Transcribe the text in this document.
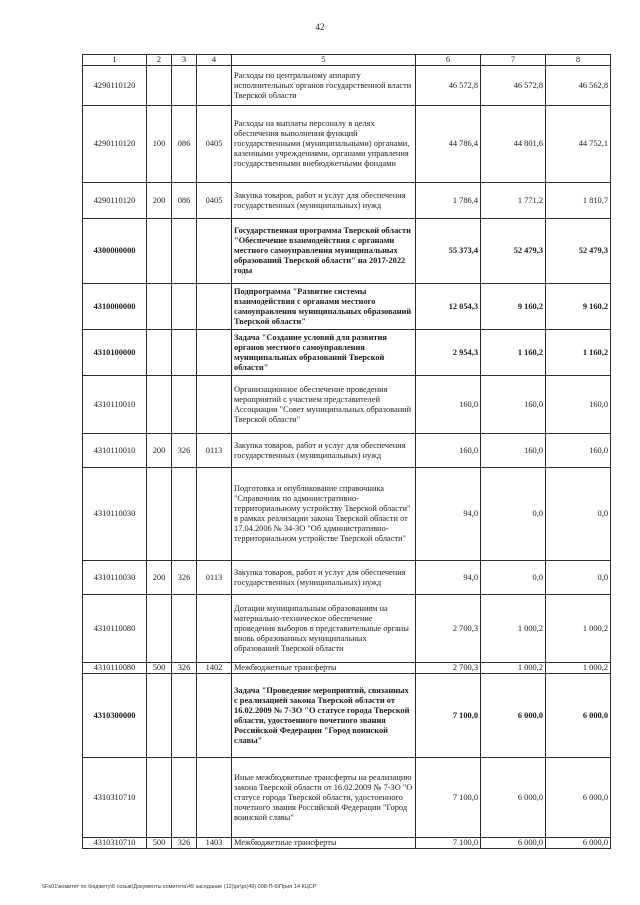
42
1	2	3	4	5	6	7	8
4290110120				Расходы по центральному аппарату исполнительных органов государственной власти Тверской области	46 572,8	46 572,8	46 562,8
4290110120	100	086	0405	Расходы на выплаты персоналу в целях обеспечения выполнения функций государственными (муниципальными) органами, казенными учреждениями, органами управления государственными внебюджетными фондами	44 786,4	44 801,6	44 752,1
4290110120	200	086	0405	Закупка товаров, работ и услуг для обеспечения государственных (муниципальных) нужд	1 786,4	1 771,2	1 810,7
4300000000				Государственная программа Тверской области "Обеспечение взаимодействия с органами местного самоуправления муниципальных образований Тверской области" на 2017-2022 годы	55 373,4	52 479,3	52 479,3
4310000000				Подпрограмма "Развитие системы взаимодействия с органами местного самоуправления муниципальных образований Тверской области"	12 054,3	9 160,2	9 160,2
4310100000				Задача "Создание условий для развития органов местного самоуправления муниципальных образований Тверской области"	2 954,3	1 160,2	1 160,2
4310110010				Организационное обеспечение проведения мероприятий с участием представителей Ассоциации "Совет муниципальных образований Тверской области"	160,0	160,0	160,0
4310110010	200	326	0113	Закупка товаров, работ и услуг для обеспечения государственных (муниципальных) нужд	160,0	160,0	160,0
4310110030				Подготовка и опубликование справочника "Справочник по административно-территориальному устройству Тверской области" в рамках реализации закона Тверской области от 17.04.2006 № 34-ЗО "Об административно-территориальном устройстве Тверской области"	94,0	0,0	0,0
4310110030	200	326	0113	Закупка товаров, работ и услуг для обеспечения государственных (муниципальных) нужд	94,0	0,0	0,0
4310110080				Дотации муниципальным образованиям на материально-техническое обеспечение проведения выборов в представительные органы вновь образованных муниципальных образований Тверской области	2 700,3	1 000,2	1 000,2
4310110080	500	326	1402	Межбюджетные трансферты	2 700,3	1 000,2	1 000,2
4310300000				Задача "Проведение мероприятий, связанных с реализацией закона Тверской области от 16.02.2009 № 7-ЗО "О статусе города Тверской области, удостоенного почетного звания Российской Федерации "Город воинской славы"	7 100,0	6 000,0	6 000,0
4310310710				Иные межбюджетные трансферты на реализацию закона Тверской области от 16.02.2009 № 7-ЗО "О статусе города Тверской области, удостоенного почетного звания Российской Федерации "Город воинской славы"	7 100,0	6 000,0	6 000,0
4310310710	500	326	1403	Межбюджетные трансферты	7 100,0	6 000,0	6 000,0
\\Fs01\комитет по бюджету\6 созыв\Документы комитета\49 заседание (12)\pr\pr(49) 098-П-6\Прил 14 КЦСР
